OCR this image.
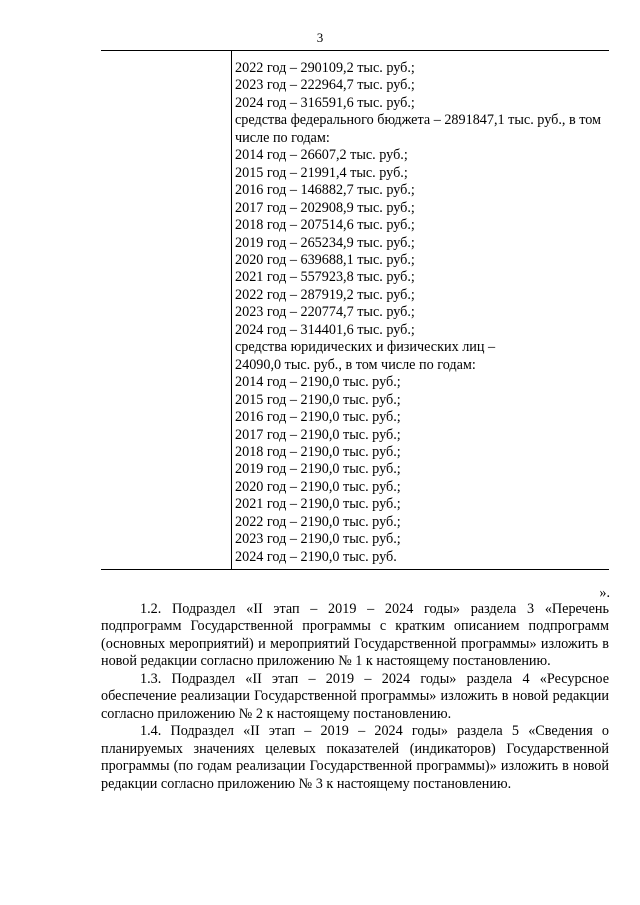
3

2022 год – 290109,2 тыс. руб.;

2023 год – 222964,7 тыс. руб.;

2024 год – 316591,6 тыс. руб.;

средства федерального бюджета – 2891847,1 тыс. руб., в том числе по годам:

2014 год – 26607,2 тыс. руб.;

2015 год – 21991,4 тыс. руб.;

2016 год – 146882,7 тыс. руб.;

2017 год – 202908,9 тыс. руб.;

2018 год – 207514,6 тыс. руб.;

2019 год – 265234,9 тыс. руб.;

2020 год – 639688,1 тыс. руб.;

2021 год – 557923,8 тыс. руб.;

2022 год – 287919,2 тыс. руб.;

2023 год – 220774,7 тыс. руб.;

2024 год – 314401,6 тыс. руб.;

средства юридических и физических лиц –

24090,0 тыс. руб., в том числе по годам:

2014 год – 2190,0 тыс. руб.;

2015 год – 2190,0 тыс. руб.;

2016 год – 2190,0 тыс. руб.;

2017 год – 2190,0 тыс. руб.;

2018 год – 2190,0 тыс. руб.;

2019 год – 2190,0 тыс. руб.;

2020 год – 2190,0 тыс. руб.;

2021 год – 2190,0 тыс. руб.;

2022 год – 2190,0 тыс. руб.;

2023 год – 2190,0 тыс. руб.;

2024 год – 2190,0 тыс. руб.

».

1.2. Подраздел «II этап – 2019 – 2024 годы» раздела 3 «Перечень подпрограмм Государственной программы с кратким описанием подпрограмм (основных мероприятий) и мероприятий Государственной программы» изложить в новой редакции согласно приложению № 1 к настоящему постановлению.

1.3. Подраздел «II этап – 2019 – 2024 годы» раздела 4 «Ресурсное обеспечение реализации Государственной программы» изложить в новой редакции согласно приложению № 2 к настоящему постановлению.

1.4. Подраздел «II этап – 2019 – 2024 годы» раздела 5 «Сведения о планируемых значениях целевых показателей (индикаторов) Государственной программы (по годам реализации Государственной программы)» изложить в новой редакции согласно приложению № 3 к настоящему постановлению.
